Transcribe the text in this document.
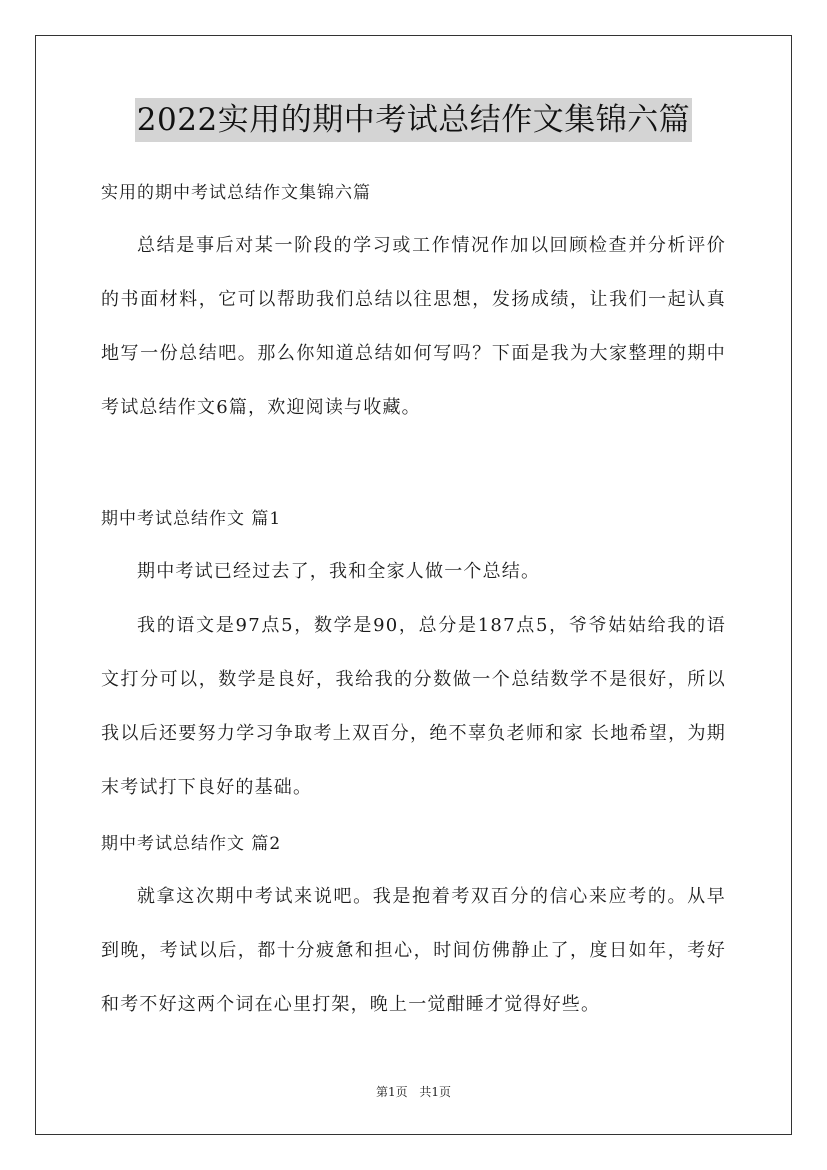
2022实用的期中考试总结作文集锦六篇
实用的期中考试总结作文集锦六篇

总结是事后对某一阶段的学习或工作情况作加以回顾检查并分析评价的书面材料，它可以帮助我们总结以往思想，发扬成绩，让我们一起认真地写一份总结吧。那么你知道总结如何写吗？下面是我为大家整理的期中考试总结作文6篇，欢迎阅读与收藏。

期中考试总结作文 篇1

期中考试已经过去了，我和全家人做一个总结。

我的语文是97点5，数学是90，总分是187点5，爷爷姑姑给我的语文打分可以，数学是良好，我给我的分数做一个总结数学不是很好，所以我以后还要努力学习争取考上双百分，绝不辜负老师和家 长地希望，为期末考试打下良好的基础。

期中考试总结作文 篇2

就拿这次期中考试来说吧。我是抱着考双百分的信心来应考的。从早到晚，考试以后，都十分疲惫和担心，时间仿佛静止了，度日如年，考好和考不好这两个词在心里打架，晚上一觉酣睡才觉得好些。

第1页 共1页
